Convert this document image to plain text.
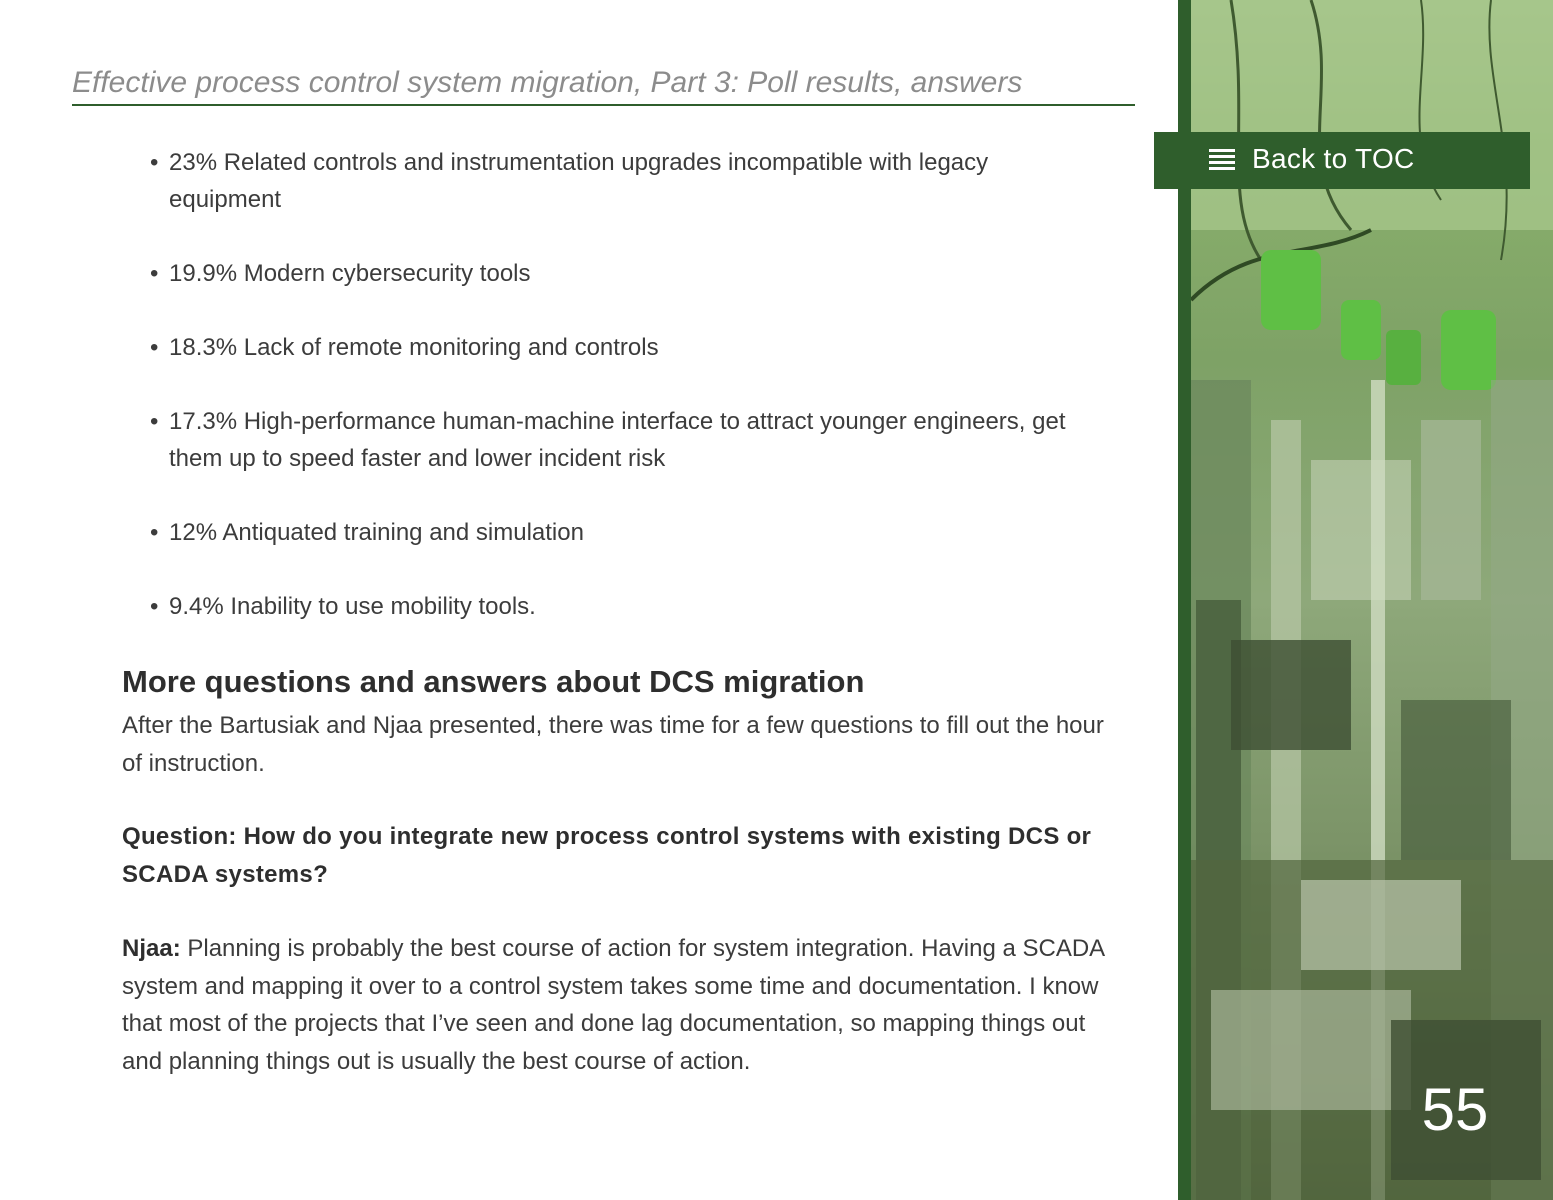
Effective process control system migration, Part 3: Poll results, answers
• 23% Related controls and instrumentation upgrades incompatible with legacy equipment
• 19.9% Modern cybersecurity tools
• 18.3% Lack of remote monitoring and controls
• 17.3% High-performance human-machine interface to attract younger engineers, get them up to speed faster and lower incident risk
• 12% Antiquated training and simulation
• 9.4% Inability to use mobility tools.
More questions and answers about DCS migration

After the Bartusiak and Njaa presented, there was time for a few questions to fill out the hour of instruction.

Question: How do you integrate new process control systems with existing DCS or SCADA systems?

Njaa: Planning is probably the best course of action for system integration. Having a SCADA system and mapping it over to a control system takes some time and documentation. I know that most of the projects that I’ve seen and done lag documentation, so mapping things out and planning things out is usually the best course of action.

Back to TOC
55
